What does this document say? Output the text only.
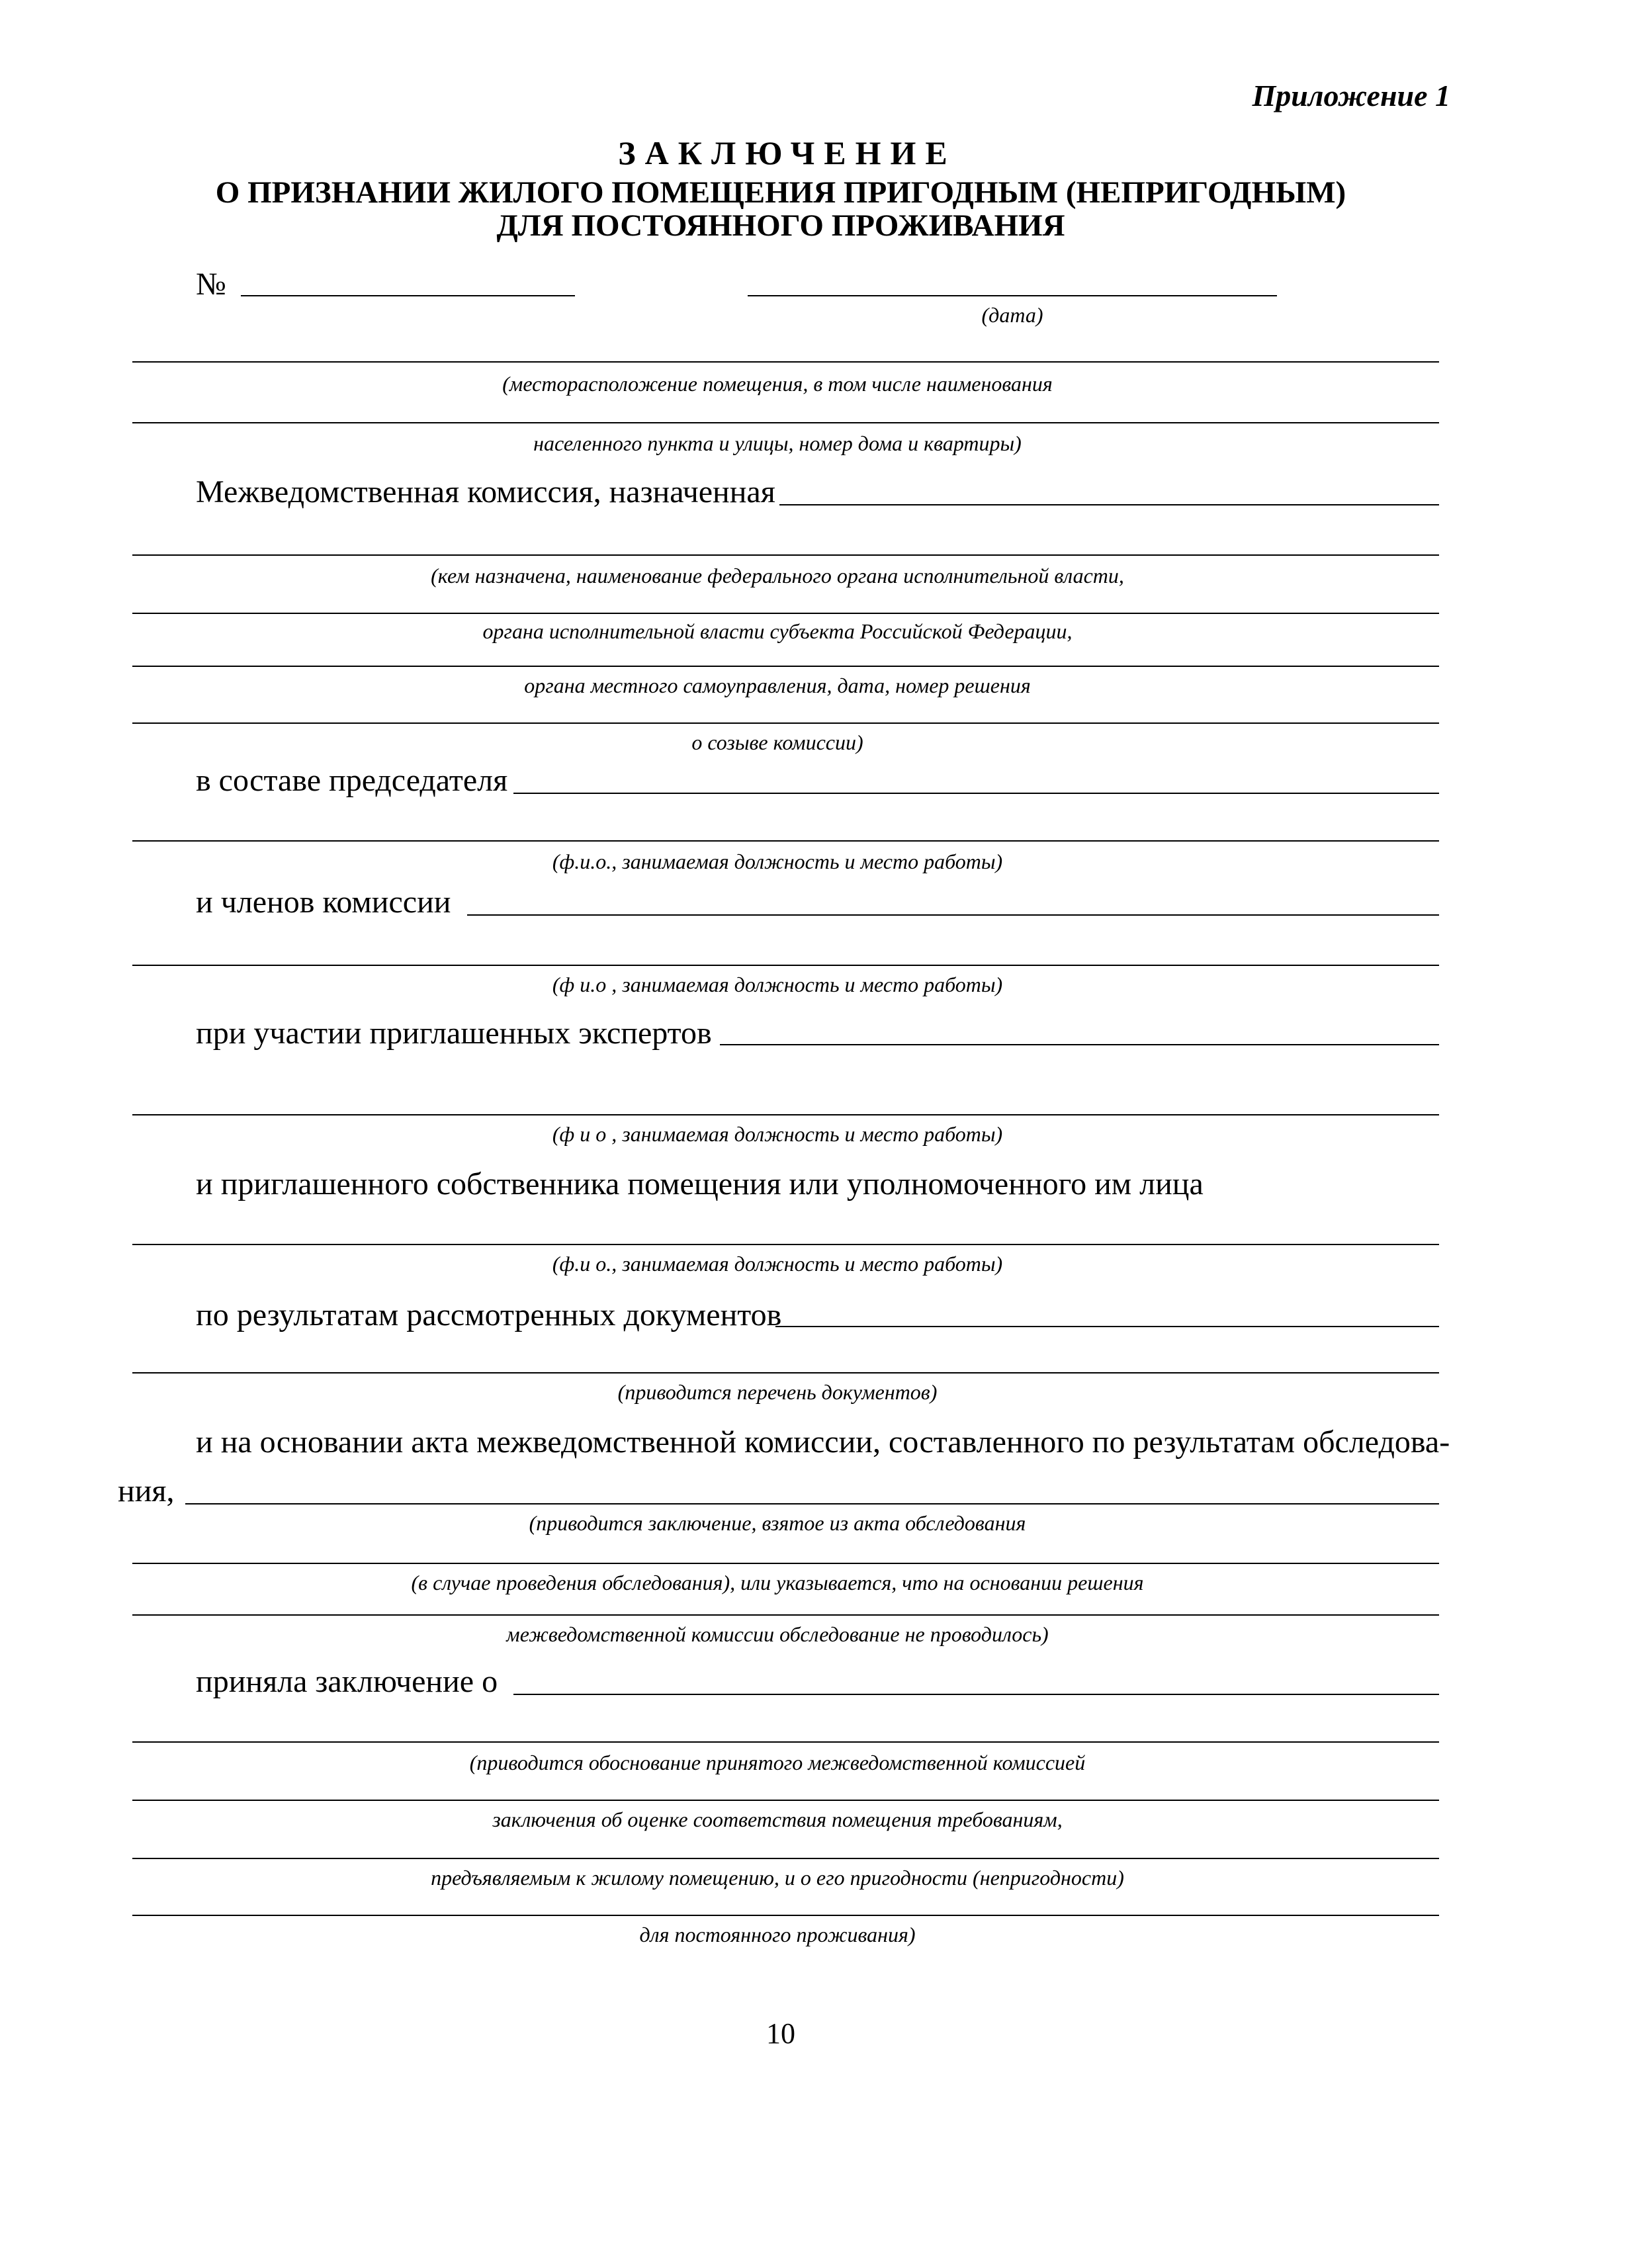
Приложение 1
ЗАКЛЮЧЕНИЕ
О ПРИЗНАНИИ ЖИЛОГО ПОМЕЩЕНИЯ ПРИГОДНЫМ (НЕПРИГОДНЫМ)
ДЛЯ ПОСТОЯННОГО ПРОЖИВАНИЯ
№
(дата)
(месторасположение помещения, в том числе наименования
населенного пункта и улицы, номер дома и квартиры)
Межведомственная комиссия, назначенная
(кем назначена, наименование федерального органа исполнительной власти,
органа исполнительной власти субъекта Российской Федерации,
органа местного самоуправления, дата, номер решения
о созыве комиссии)
в составе председателя
(ф.и.о., занимаемая должность и место работы)
и членов комиссии
(ф и.о , занимаемая должность и место работы)
при участии приглашенных экспертов
(ф и о , занимаемая должность и место работы)
и приглашенного собственника помещения или уполномоченного им лица
(ф.и о., занимаемая должность и место работы)
по результатам рассмотренных документов
(приводится перечень документов)
и на основании акта межведомственной комиссии, составленного по результатам обследова-
ния,
(приводится заключение, взятое из акта обследования
(в случае проведения обследования), или указывается, что на основании решения
межведомственной комиссии обследование не проводилось)
приняла заключение о
(приводится обоснование принятого межведомственной комиссией
заключения об оценке соответствия помещения требованиям,
предъявляемым к жилому помещению, и о его пригодности (непригодности)
для постоянного проживания)
10
